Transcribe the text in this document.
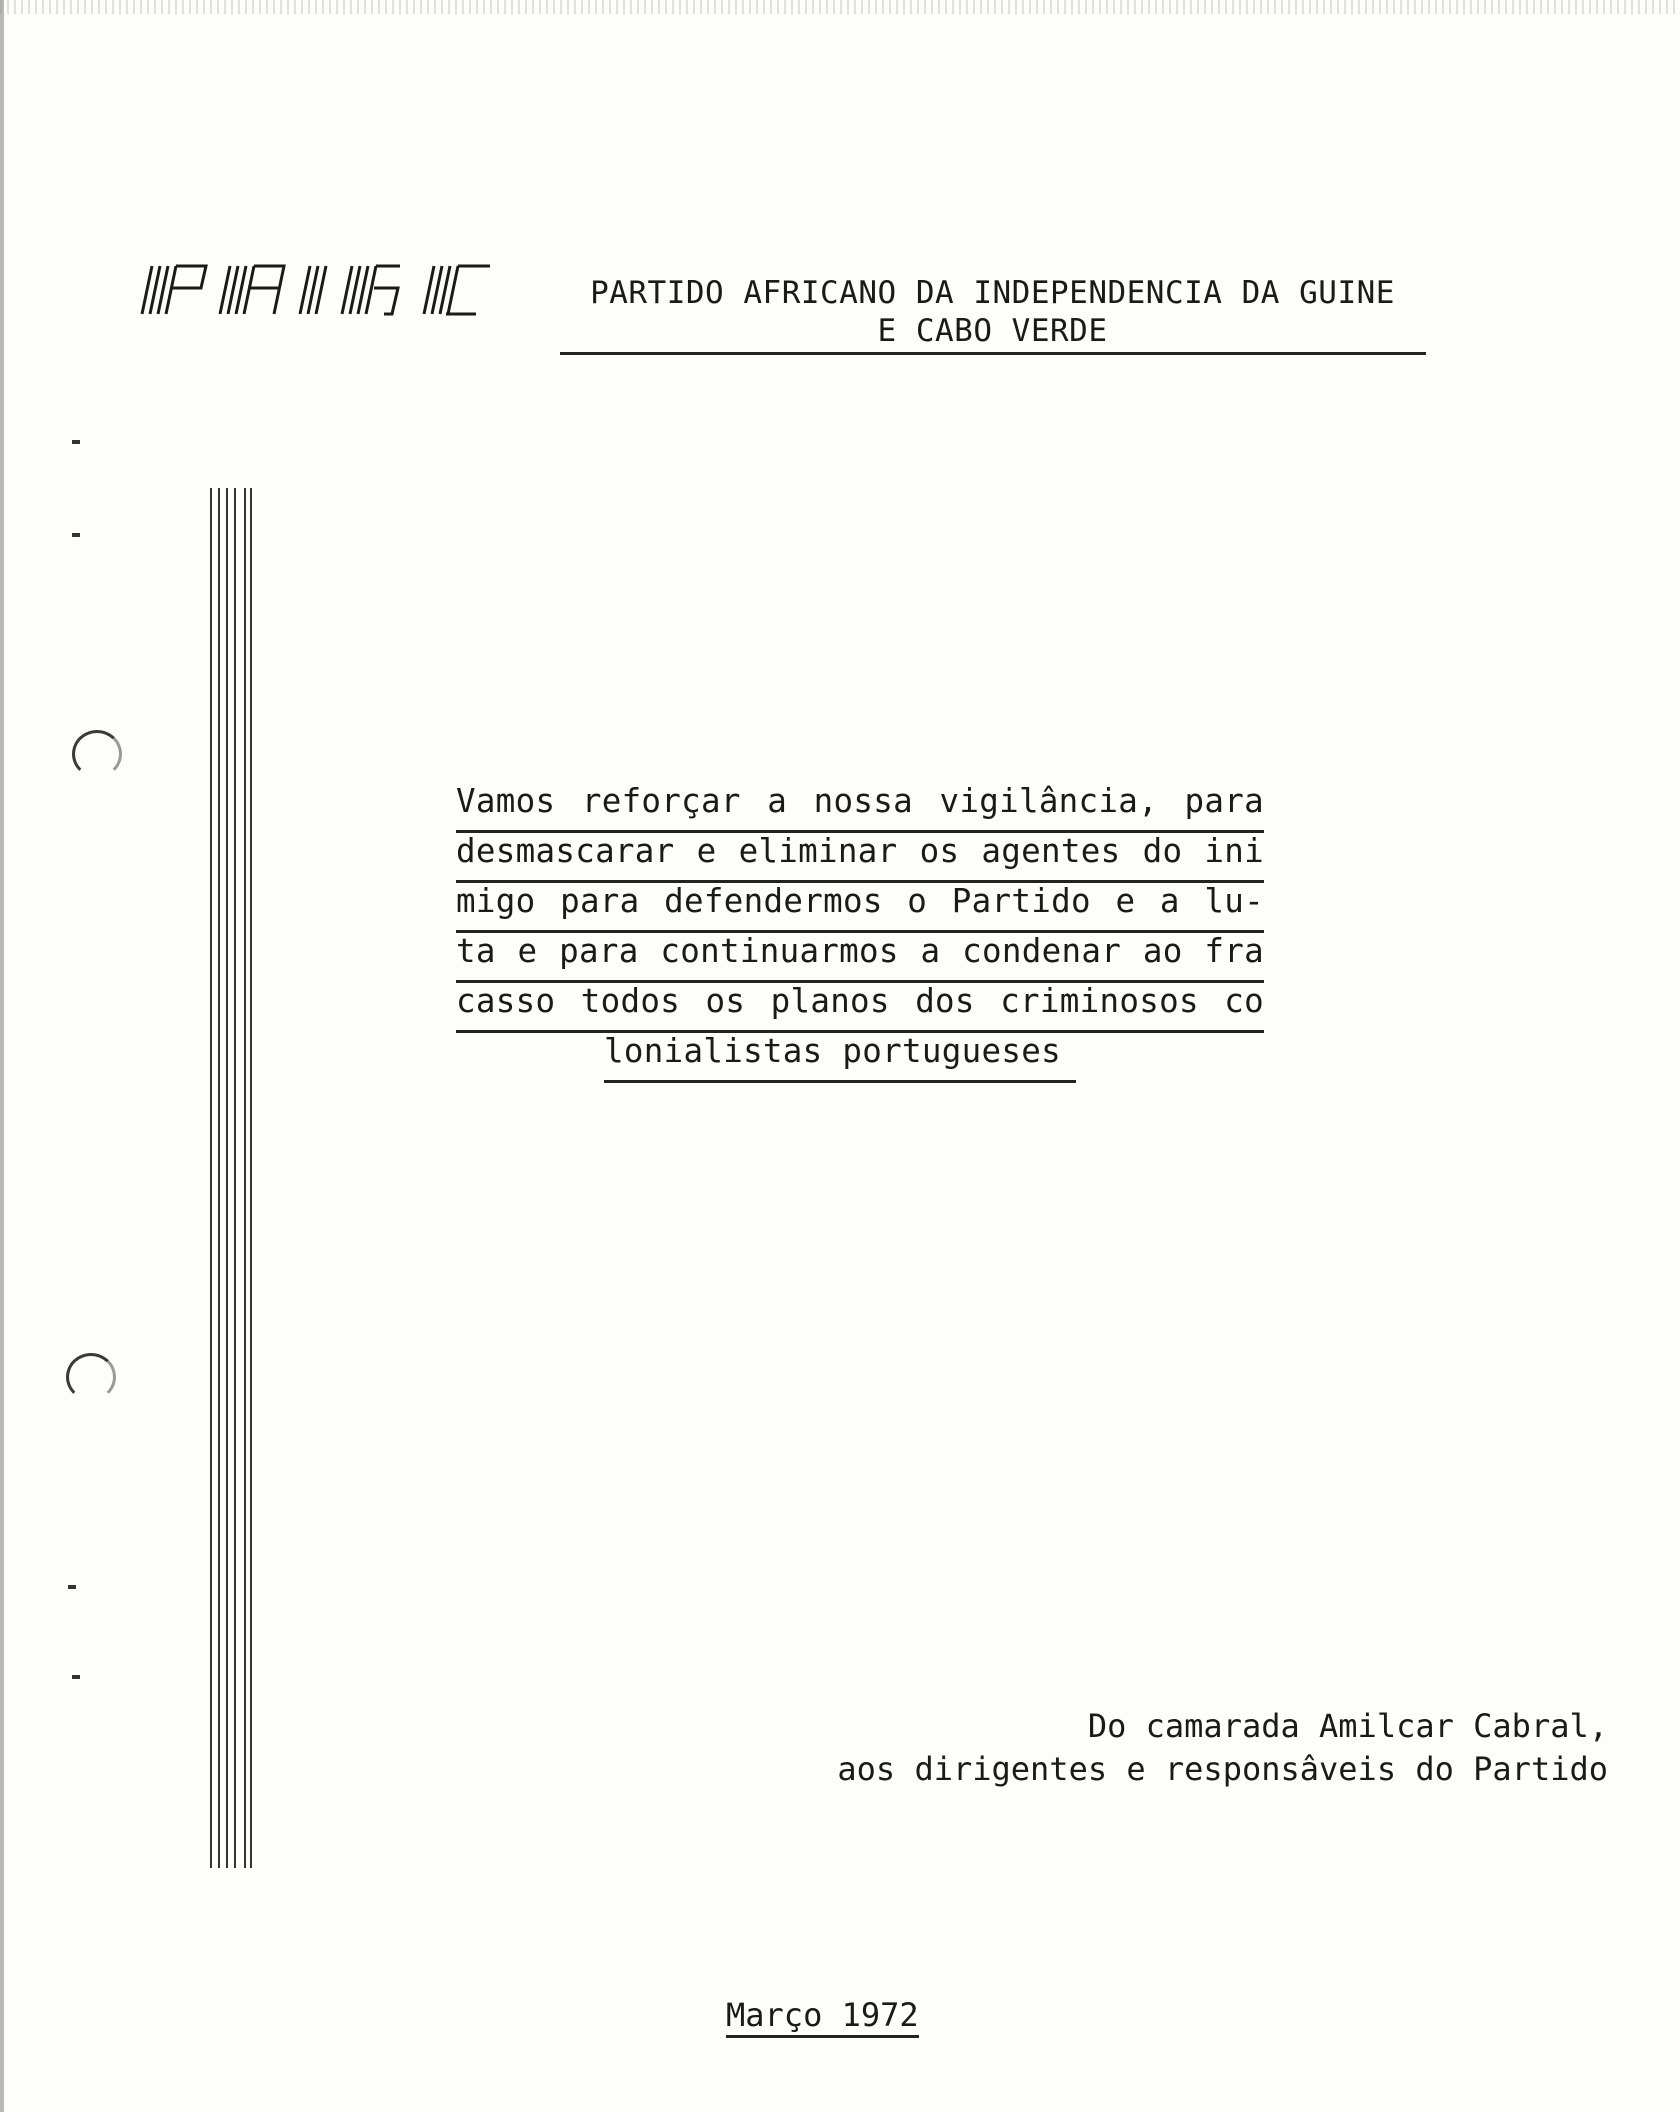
PARTIDO AFRICANO DA INDEPENDENCIA DA GUINE
E CABO VERDE
Vamos reforçar a nossa vigilância, para
desmascarar e eliminar os agentes do ini
migo para defendermos o Partido e a lu-
ta e para continuarmos a condenar ao fra
casso todos os planos dos criminosos co
lonialistas portugueses
Do camarada Amilcar Cabral,
aos dirigentes e responsâveis do Partido
Março 1972
